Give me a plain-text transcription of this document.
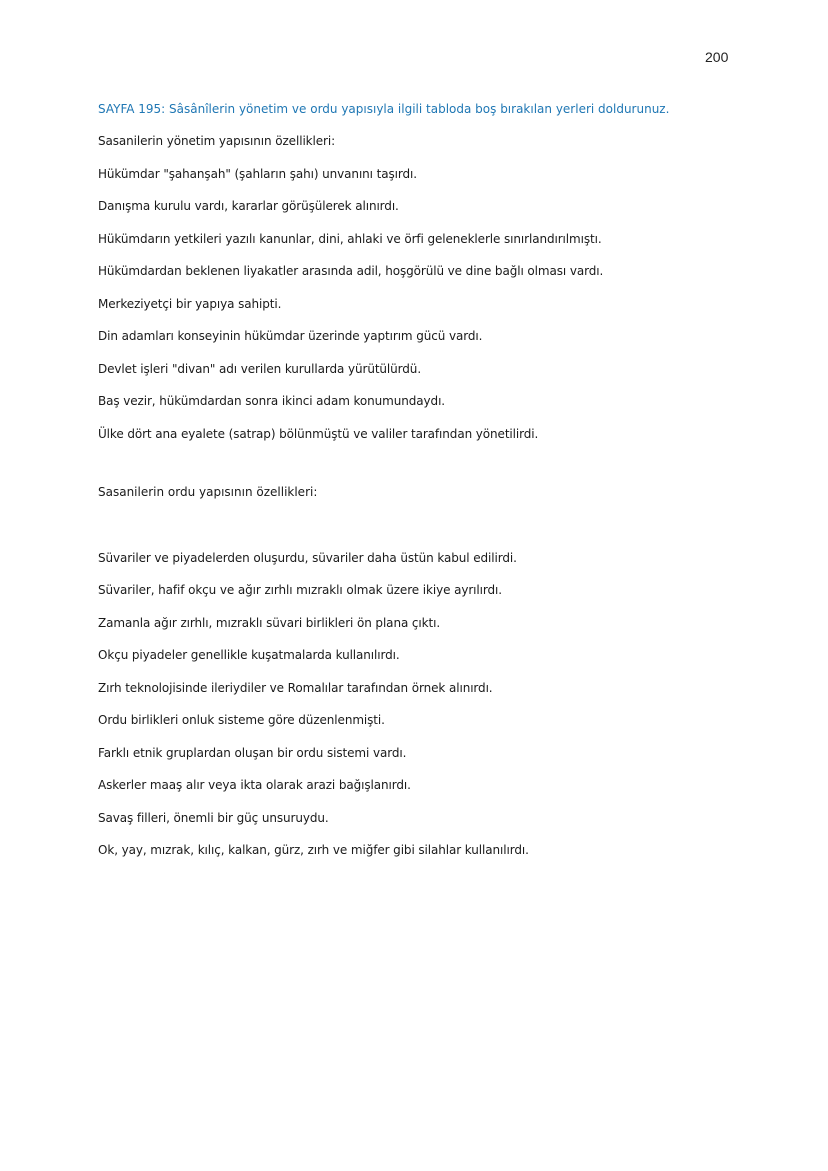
200
SAYFA 195: Sâsânîlerin yönetim ve ordu yapısıyla ilgili tabloda boş bırakılan yerleri doldurunuz.
Sasanilerin yönetim yapısının özellikleri:
Hükümdar "şahanşah" (şahların şahı) unvanını taşırdı.
Danışma kurulu vardı, kararlar görüşülerek alınırdı.
Hükümdarın yetkileri yazılı kanunlar, dini, ahlaki ve örfi geleneklerle sınırlandırılmıştı.
Hükümdardan beklenen liyakatler arasında adil, hoşgörülü ve dine bağlı olması vardı.
Merkeziyetçi bir yapıya sahipti.
Din adamları konseyinin hükümdar üzerinde yaptırım gücü vardı.
Devlet işleri "divan" adı verilen kurullarda yürütülürdü.
Baş vezir, hükümdardan sonra ikinci adam konumundaydı.
Ülke dört ana eyalete (satrap) bölünmüştü ve valiler tarafından yönetilirdi.
Sasanilerin ordu yapısının özellikleri:
Süvariler ve piyadelerden oluşurdu, süvariler daha üstün kabul edilirdi.
Süvariler, hafif okçu ve ağır zırhlı mızraklı olmak üzere ikiye ayrılırdı.
Zamanla ağır zırhlı, mızraklı süvari birlikleri ön plana çıktı.
Okçu piyadeler genellikle kuşatmalarda kullanılırdı.
Zırh teknolojisinde ileriydiler ve Romalılar tarafından örnek alınırdı.
Ordu birlikleri onluk sisteme göre düzenlenmişti.
Farklı etnik gruplardan oluşan bir ordu sistemi vardı.
Askerler maaş alır veya ikta olarak arazi bağışlanırdı.
Savaş filleri, önemli bir güç unsuruydu.
Ok, yay, mızrak, kılıç, kalkan, gürz, zırh ve miğfer gibi silahlar kullanılırdı.
